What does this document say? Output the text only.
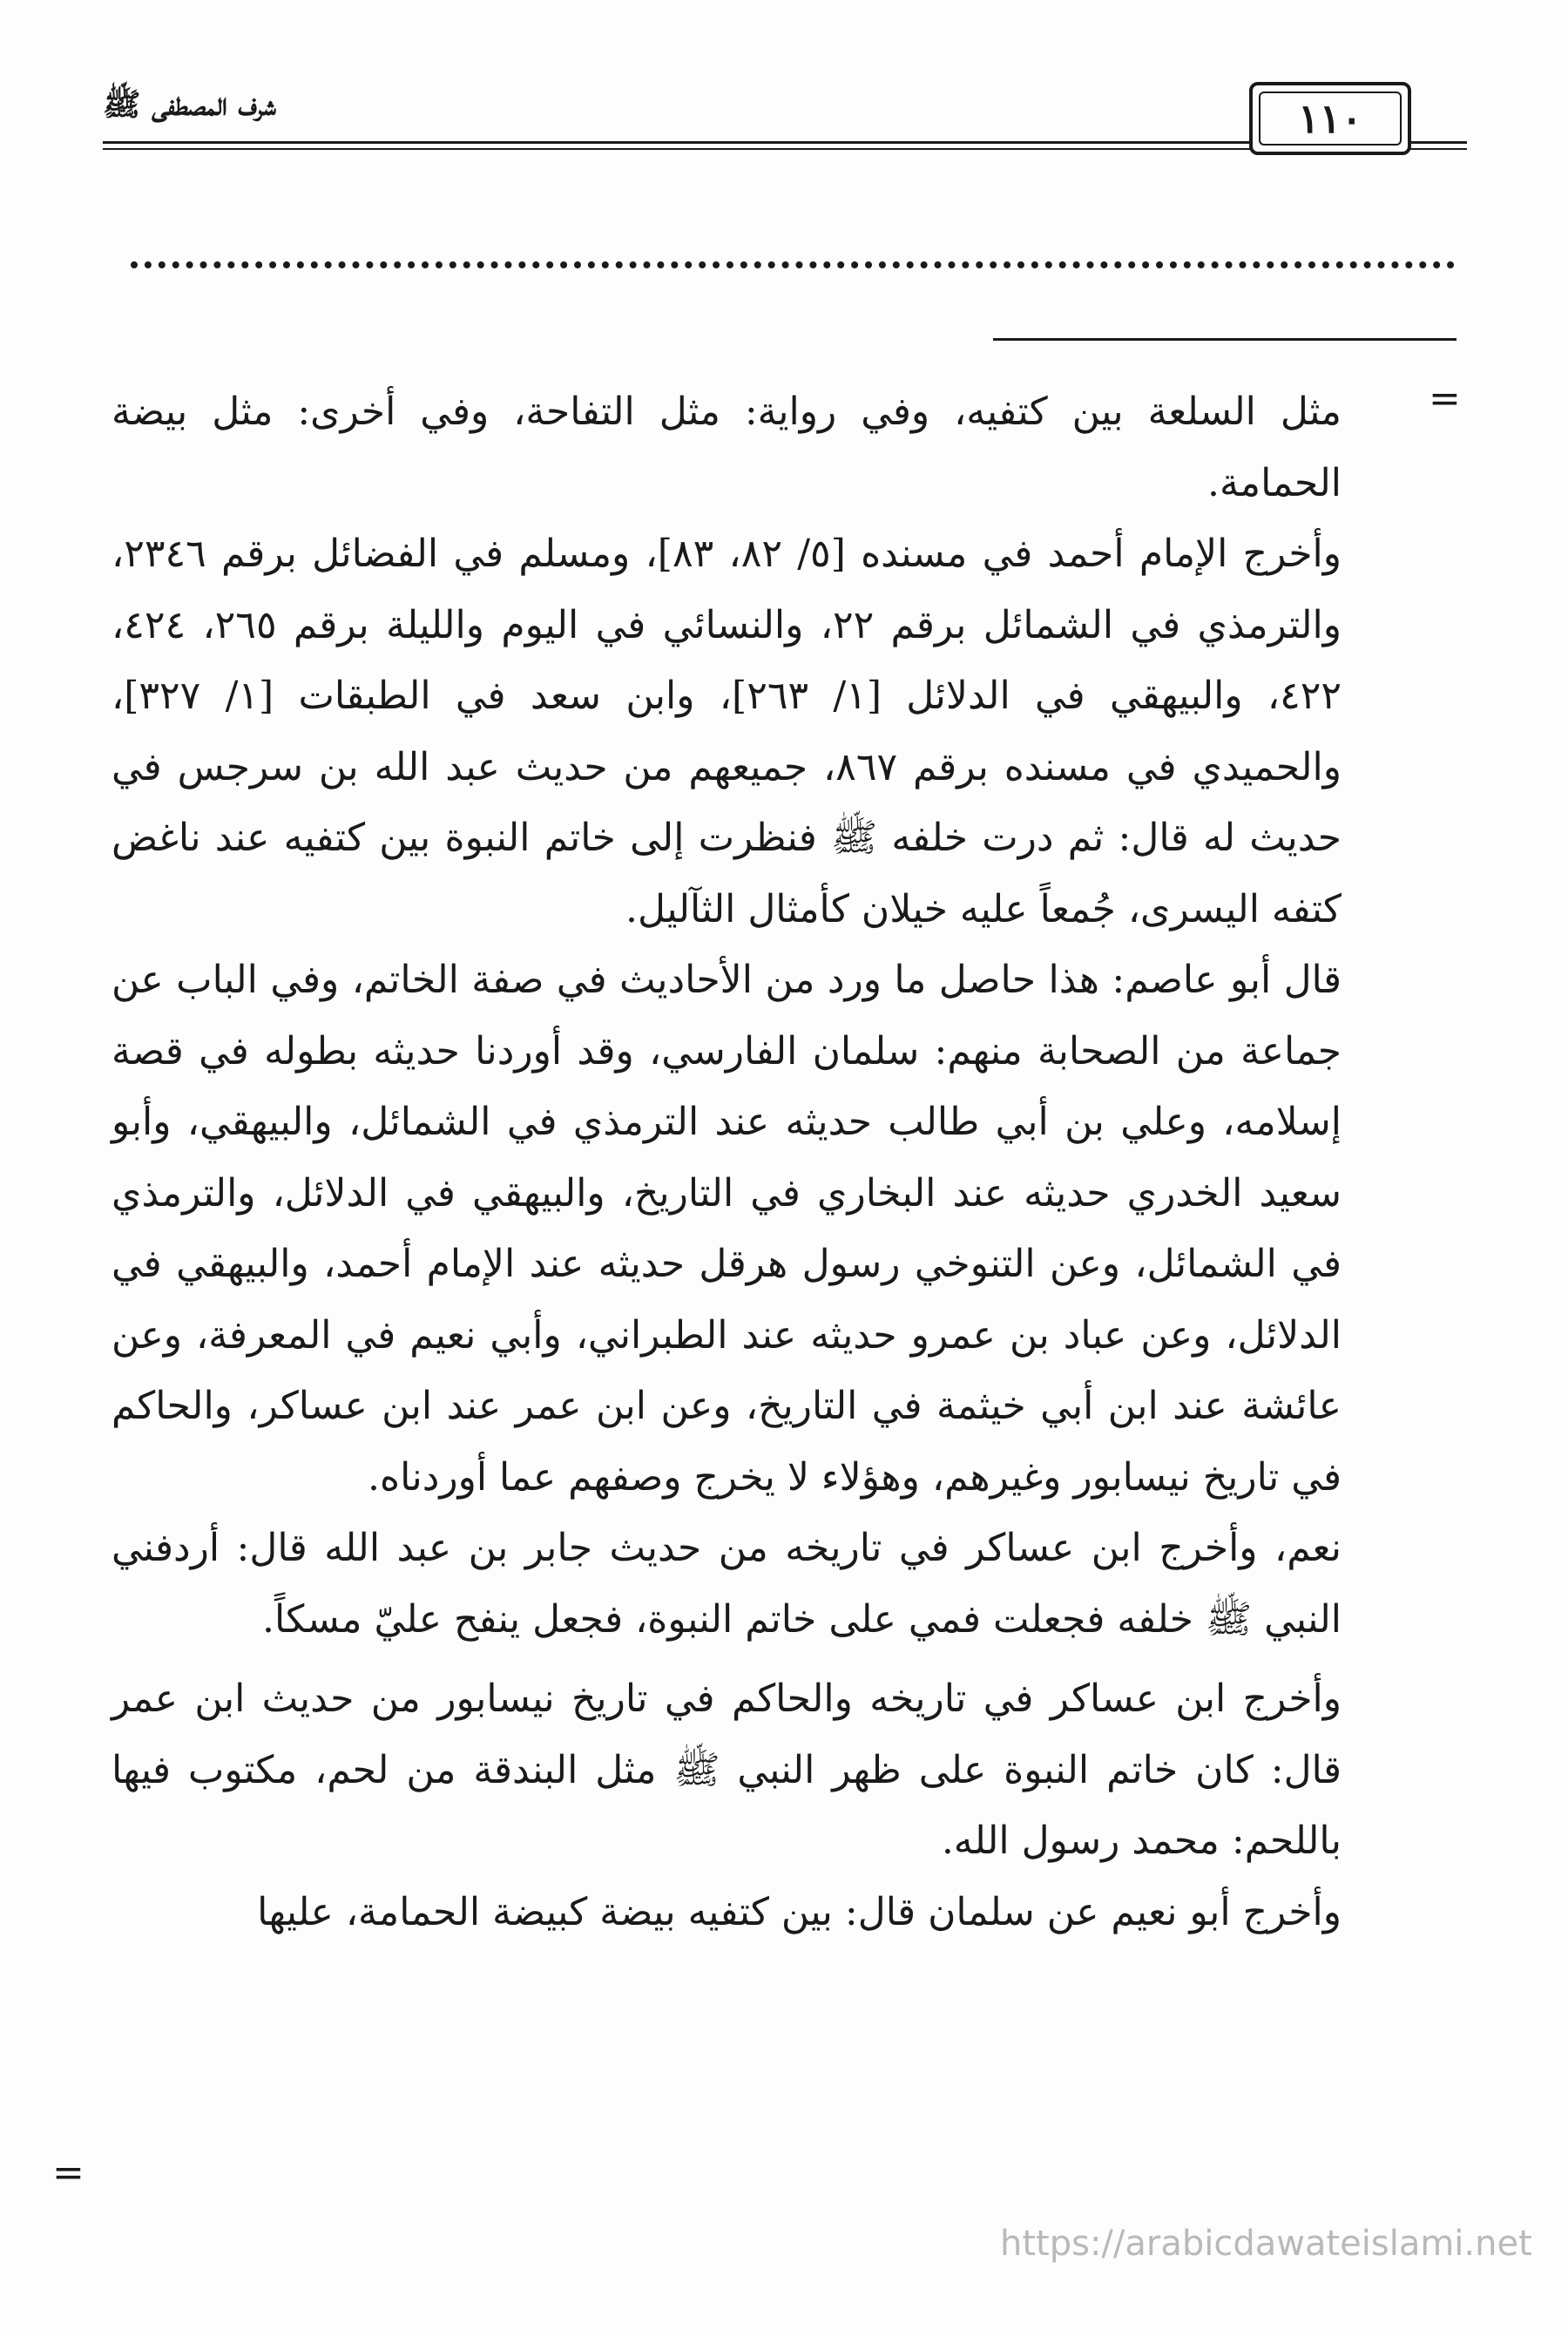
شرف المصطفى ﷺ	١١٠
=

مثل السلعة بين كتفيه، وفي رواية: مثل التفاحة، وفي أخرى: مثل بيضة الحمامة.

وأخرج الإمام أحمد في مسنده [٥/ ٨٢، ٨٣]، ومسلم في الفضائل برقم ٢٣٤٦، والترمذي في الشمائل برقم ٢٢، والنسائي في اليوم والليلة برقم ٢٦٥، ٤٢٤، ٤٢٢، والبيهقي في الدلائل [١/ ٢٦٣]، وابن سعد في الطبقات [١/ ٣٢٧]، والحميدي في مسنده برقم ٨٦٧، جميعهم من حديث عبد الله بن سرجس في حديث له قال: ثم درت خلفه ﷺ فنظرت إلى خاتم النبوة بين كتفيه عند ناغض كتفه اليسرى، جُمعاً عليه خيلان كأمثال الثآليل.

قال أبو عاصم: هذا حاصل ما ورد من الأحاديث في صفة الخاتم، وفي الباب عن جماعة من الصحابة منهم: سلمان الفارسي، وقد أوردنا حديثه بطوله في قصة إسلامه، وعلي بن أبي طالب حديثه عند الترمذي في الشمائل، والبيهقي، وأبو سعيد الخدري حديثه عند البخاري في التاريخ، والبيهقي في الدلائل، والترمذي في الشمائل، وعن التنوخي رسول هرقل حديثه عند الإمام أحمد، والبيهقي في الدلائل، وعن عباد بن عمرو حديثه عند الطبراني، وأبي نعيم في المعرفة، وعن عائشة عند ابن أبي خيثمة في التاريخ، وعن ابن عمر عند ابن عساكر، والحاكم في تاريخ نيسابور وغيرهم، وهؤلاء لا يخرج وصفهم عما أوردناه.

نعم، وأخرج ابن عساكر في تاريخه من حديث جابر بن عبد الله قال: أردفني النبي ﷺ خلفه فجعلت فمي على خاتم النبوة، فجعل ينفح عليّ مسكاً.

وأخرج ابن عساكر في تاريخه والحاكم في تاريخ نيسابور من حديث ابن عمر قال: كان خاتم النبوة على ظهر النبي ﷺ مثل البندقة من لحم، مكتوب فيها باللحم: محمد رسول الله.

وأخرج أبو نعيم عن سلمان قال: بين كتفيه بيضة كبيضة الحمامة، عليها

=
https://arabicdawateislami.net
